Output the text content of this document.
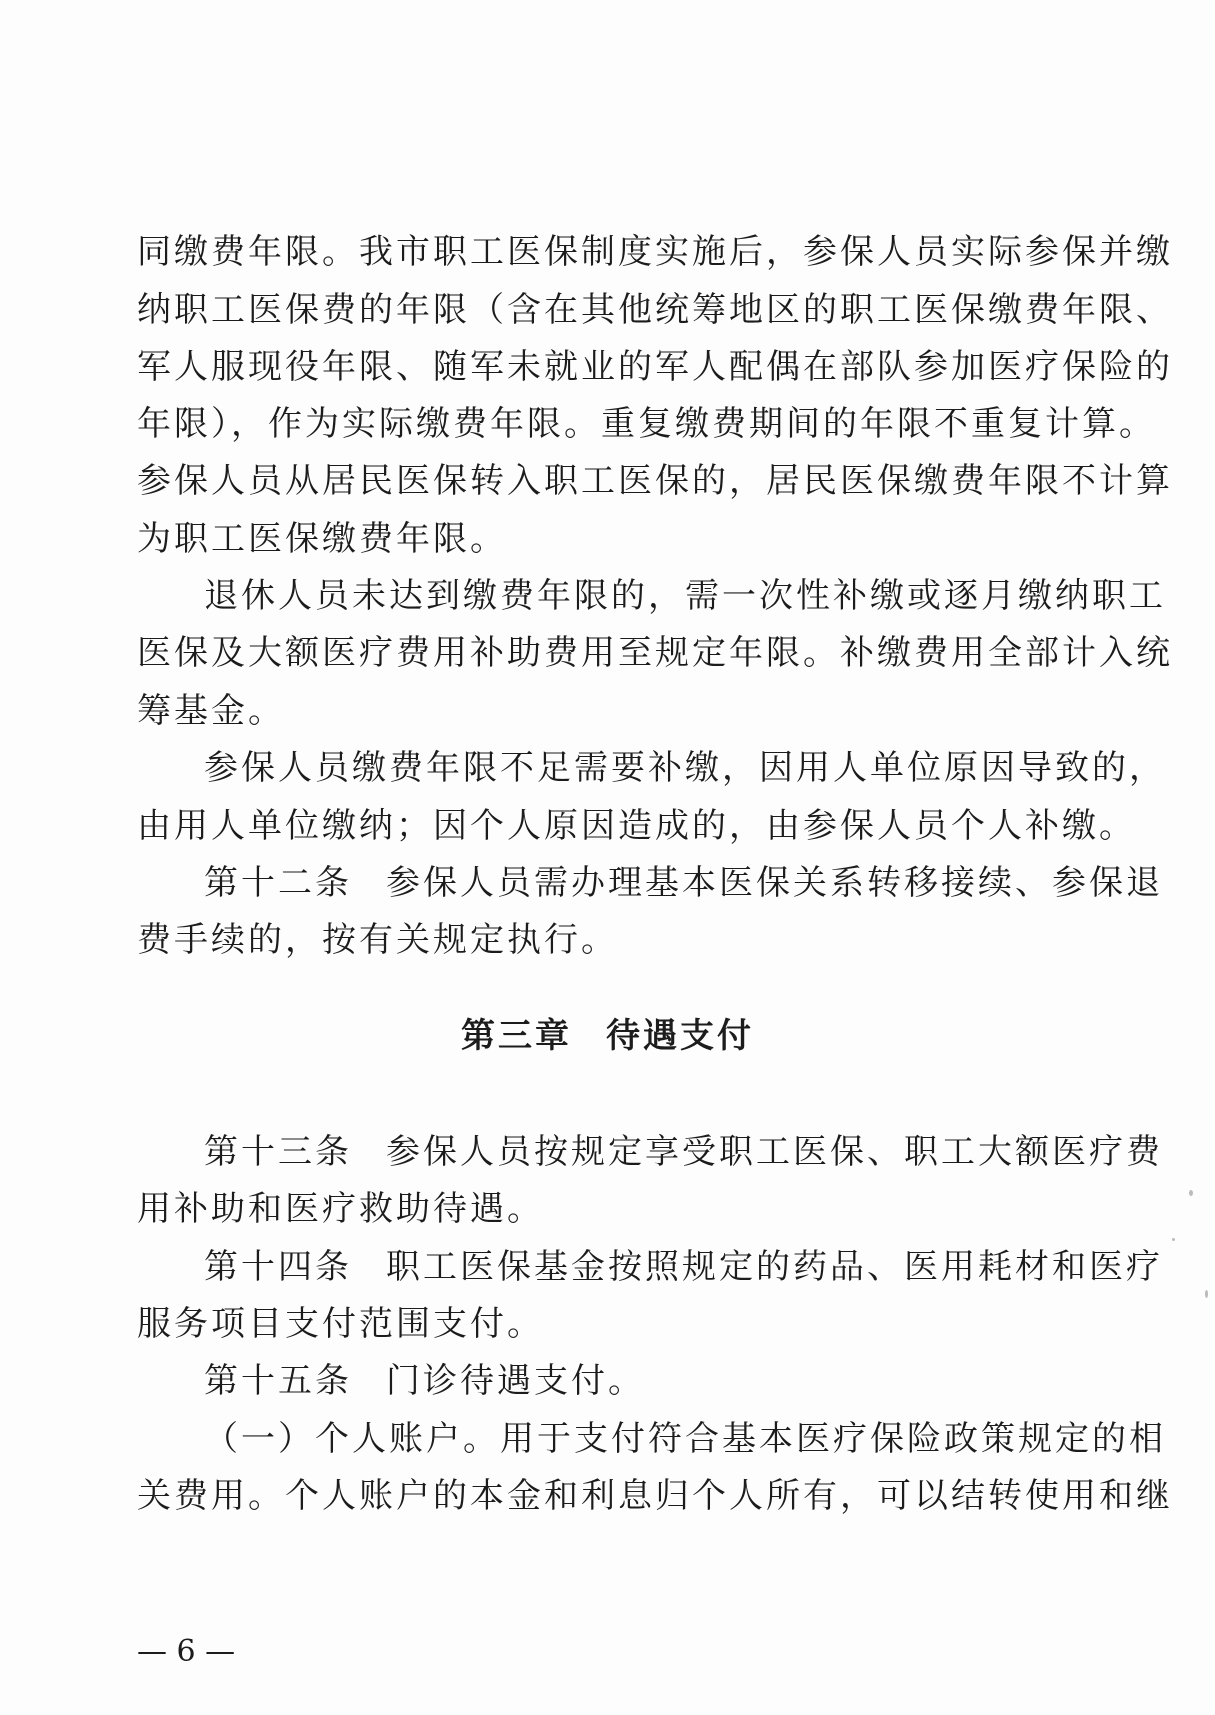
同缴费年限。我市职工医保制度实施后，参保人员实际参保并缴
纳职工医保费的年限（含在其他统筹地区的职工医保缴费年限、
军人服现役年限、随军未就业的军人配偶在部队参加医疗保险的
年限），作为实际缴费年限。重复缴费期间的年限不重复计算。
参保人员从居民医保转入职工医保的，居民医保缴费年限不计算
为职工医保缴费年限。
退休人员未达到缴费年限的，需一次性补缴或逐月缴纳职工
医保及大额医疗费用补助费用至规定年限。补缴费用全部计入统
筹基金。
参保人员缴费年限不足需要补缴，因用人单位原因导致的，
由用人单位缴纳；因个人原因造成的，由参保人员个人补缴。
第十二条 参保人员需办理基本医保关系转移接续、参保退
费手续的，按有关规定执行。
第三章 待遇支付
第十三条 参保人员按规定享受职工医保、职工大额医疗费
用补助和医疗救助待遇。
第十四条 职工医保基金按照规定的药品、医用耗材和医疗
服务项目支付范围支付。
第十五条 门诊待遇支付。
（一）个人账户。用于支付符合基本医疗保险政策规定的相
关费用。个人账户的本金和利息归个人所有，可以结转使用和继
— 6 —
